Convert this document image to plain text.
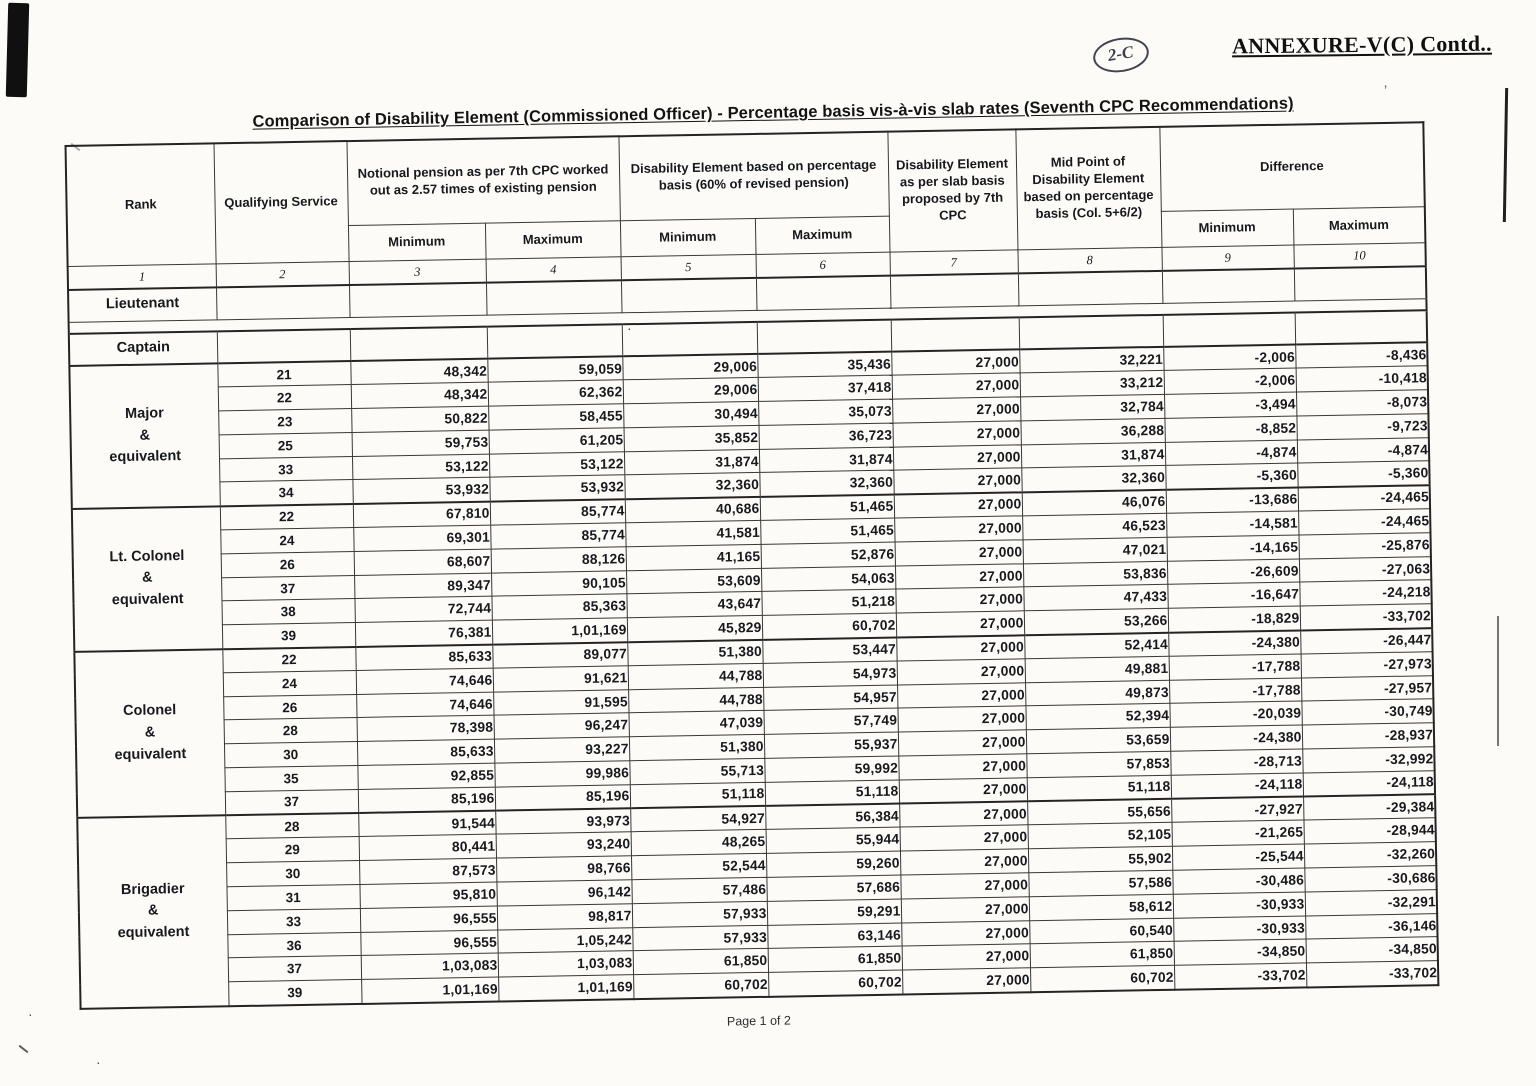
·
’
·
·
2-C	ANNEXURE-V(C) Contd..
Comparison of Disability Element (Commissioned Officer) - Percentage basis vis-à-vis slab rates (Seventh CPC Recommendations)
Rank	Qualifying Service	Notional pension as per 7th CPC worked out as 2.57 times of existing pension		Disability Element based on percentage basis (60% of revised pension)		Disability Element as per slab basis proposed by 7th CPC	Mid Point of Disability Element based on percentage basis (Col. 5+6/2)	Difference	
		Minimum	Maximum	Minimum	Maximum			Minimum	Maximum
1	2	3	4	5	6	7	8	9	10
Lieutenant									

Captain									
Major
&
equivalent	21	48,342	59,059	29,006	35,436	27,000	32,221	-2,006	-8,436
	22	48,342	62,362	29,006	37,418	27,000	33,212	-2,006	-10,418
	23	50,822	58,455	30,494	35,073	27,000	32,784	-3,494	-8,073
	25	59,753	61,205	35,852	36,723	27,000	36,288	-8,852	-9,723
	33	53,122	53,122	31,874	31,874	27,000	31,874	-4,874	-4,874
	34	53,932	53,932	32,360	32,360	27,000	32,360	-5,360	-5,360
Lt. Colonel
&
equivalent	22	67,810	85,774	40,686	51,465	27,000	46,076	-13,686	-24,465
	24	69,301	85,774	41,581	51,465	27,000	46,523	-14,581	-24,465
	26	68,607	88,126	41,165	52,876	27,000	47,021	-14,165	-25,876
	37	89,347	90,105	53,609	54,063	27,000	53,836	-26,609	-27,063
	38	72,744	85,363	43,647	51,218	27,000	47,433	-16,647	-24,218
	39	76,381	1,01,169	45,829	60,702	27,000	53,266	-18,829	-33,702
Colonel
&
equivalent	22	85,633	89,077	51,380	53,447	27,000	52,414	-24,380	-26,447
	24	74,646	91,621	44,788	54,973	27,000	49,881	-17,788	-27,973
	26	74,646	91,595	44,788	54,957	27,000	49,873	-17,788	-27,957
	28	78,398	96,247	47,039	57,749	27,000	52,394	-20,039	-30,749
	30	85,633	93,227	51,380	55,937	27,000	53,659	-24,380	-28,937
	35	92,855	99,986	55,713	59,992	27,000	57,853	-28,713	-32,992
	37	85,196	85,196	51,118	51,118	27,000	51,118	-24,118	-24,118
Brigadier
&
equivalent	28	91,544	93,973	54,927	56,384	27,000	55,656	-27,927	-29,384
	29	80,441	93,240	48,265	55,944	27,000	52,105	-21,265	-28,944
	30	87,573	98,766	52,544	59,260	27,000	55,902	-25,544	-32,260
	31	95,810	96,142	57,486	57,686	27,000	57,586	-30,486	-30,686
	33	96,555	98,817	57,933	59,291	27,000	58,612	-30,933	-32,291
	36	96,555	1,05,242	57,933	63,146	27,000	60,540	-30,933	-36,146
	37	1,03,083	1,03,083	61,850	61,850	27,000	61,850	-34,850	-34,850
	39	1,01,169	1,01,169	60,702	60,702	27,000	60,702	-33,702	-33,702
Page 1 of 2
